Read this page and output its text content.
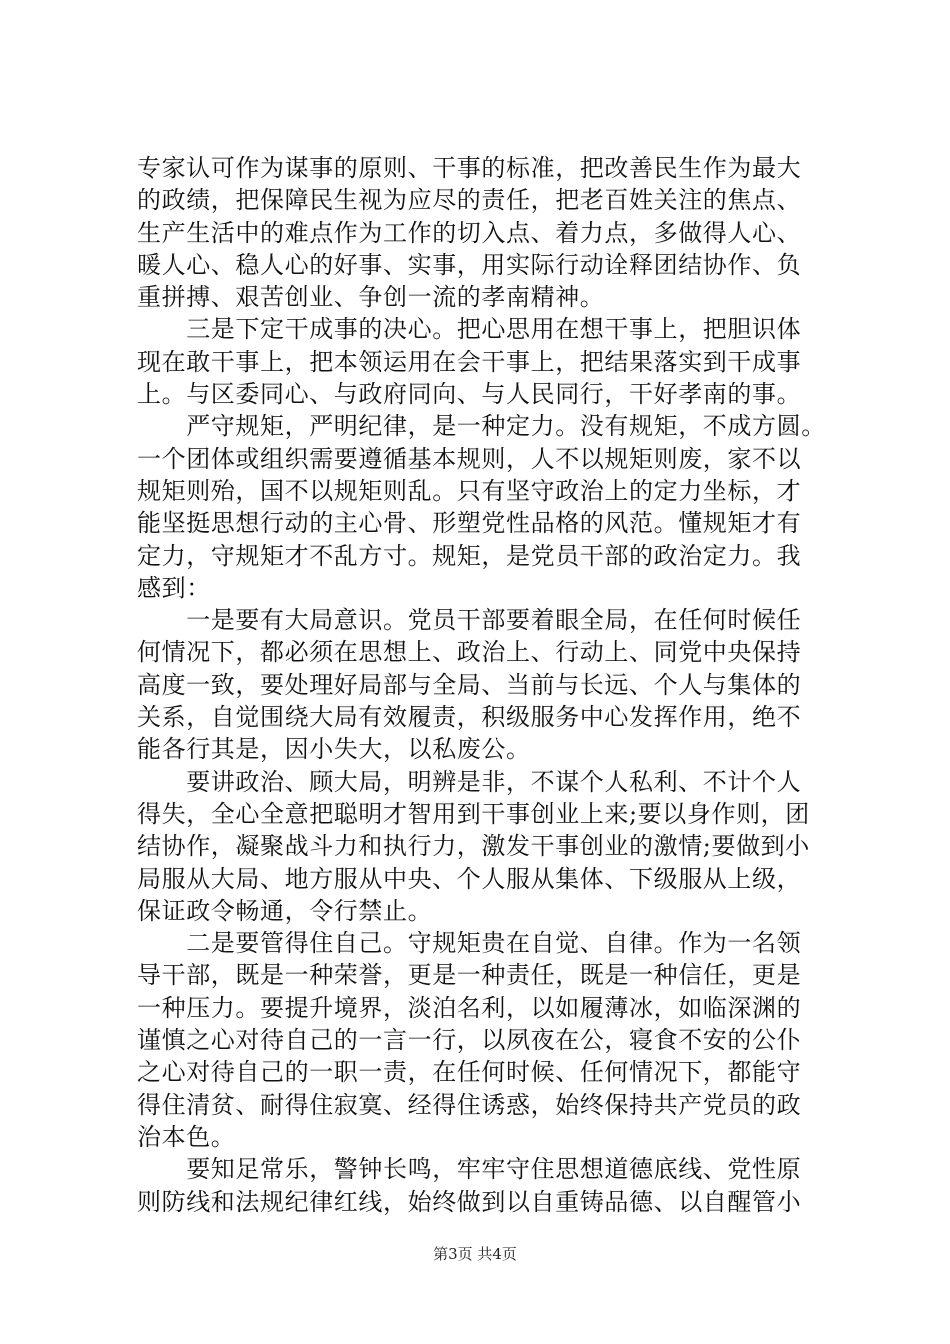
专家认可作为谋事的原则、干事的标准，把改善民生作为最大
的政绩，把保障民生视为应尽的责任，把老百姓关注的焦点、
生产生活中的难点作为工作的切入点、着力点，多做得人心、
暖人心、稳人心的好事、实事，用实际行动诠释团结协作、负
重拼搏、艰苦创业、争创一流的孝南精神。
　　三是下定干成事的决心。把心思用在想干事上，把胆识体
现在敢干事上，把本领运用在会干事上，把结果落实到干成事
上。与区委同心、与政府同向、与人民同行，干好孝南的事。
　　严守规矩，严明纪律，是一种定力。没有规矩，不成方圆。
一个团体或组织需要遵循基本规则，人不以规矩则废，家不以
规矩则殆，国不以规矩则乱。只有坚守政治上的定力坐标，才
能坚挺思想行动的主心骨、形塑党性品格的风范。懂规矩才有
定力，守规矩才不乱方寸。规矩，是党员干部的政治定力。我
感到：
　　一是要有大局意识。党员干部要着眼全局，在任何时候任
何情况下，都必须在思想上、政治上、行动上、同党中央保持
高度一致，要处理好局部与全局、当前与长远、个人与集体的
关系，自觉围绕大局有效履责，积级服务中心发挥作用，绝不
能各行其是，因小失大，以私废公。
　　要讲政治、顾大局，明辨是非，不谋个人私利、不计个人
得失，全心全意把聪明才智用到干事创业上来;要以身作则，团
结协作，凝聚战斗力和执行力，激发干事创业的激情;要做到小
局服从大局、地方服从中央、个人服从集体、下级服从上级，
保证政令畅通，令行禁止。
　　二是要管得住自己。守规矩贵在自觉、自律。作为一名领
导干部，既是一种荣誉，更是一种责任，既是一种信任，更是
一种压力。要提升境界，淡泊名利，以如履薄冰，如临深渊的
谨慎之心对待自己的一言一行，以夙夜在公，寝食不安的公仆
之心对待自己的一职一责，在任何时候、任何情况下，都能守
得住清贫、耐得住寂寞、经得住诱惑，始终保持共产党员的政
治本色。
　　要知足常乐，警钟长鸣，牢牢守住思想道德底线、党性原
则防线和法规纪律红线，始终做到以自重铸品德、以自醒管小
第3页 共4页
